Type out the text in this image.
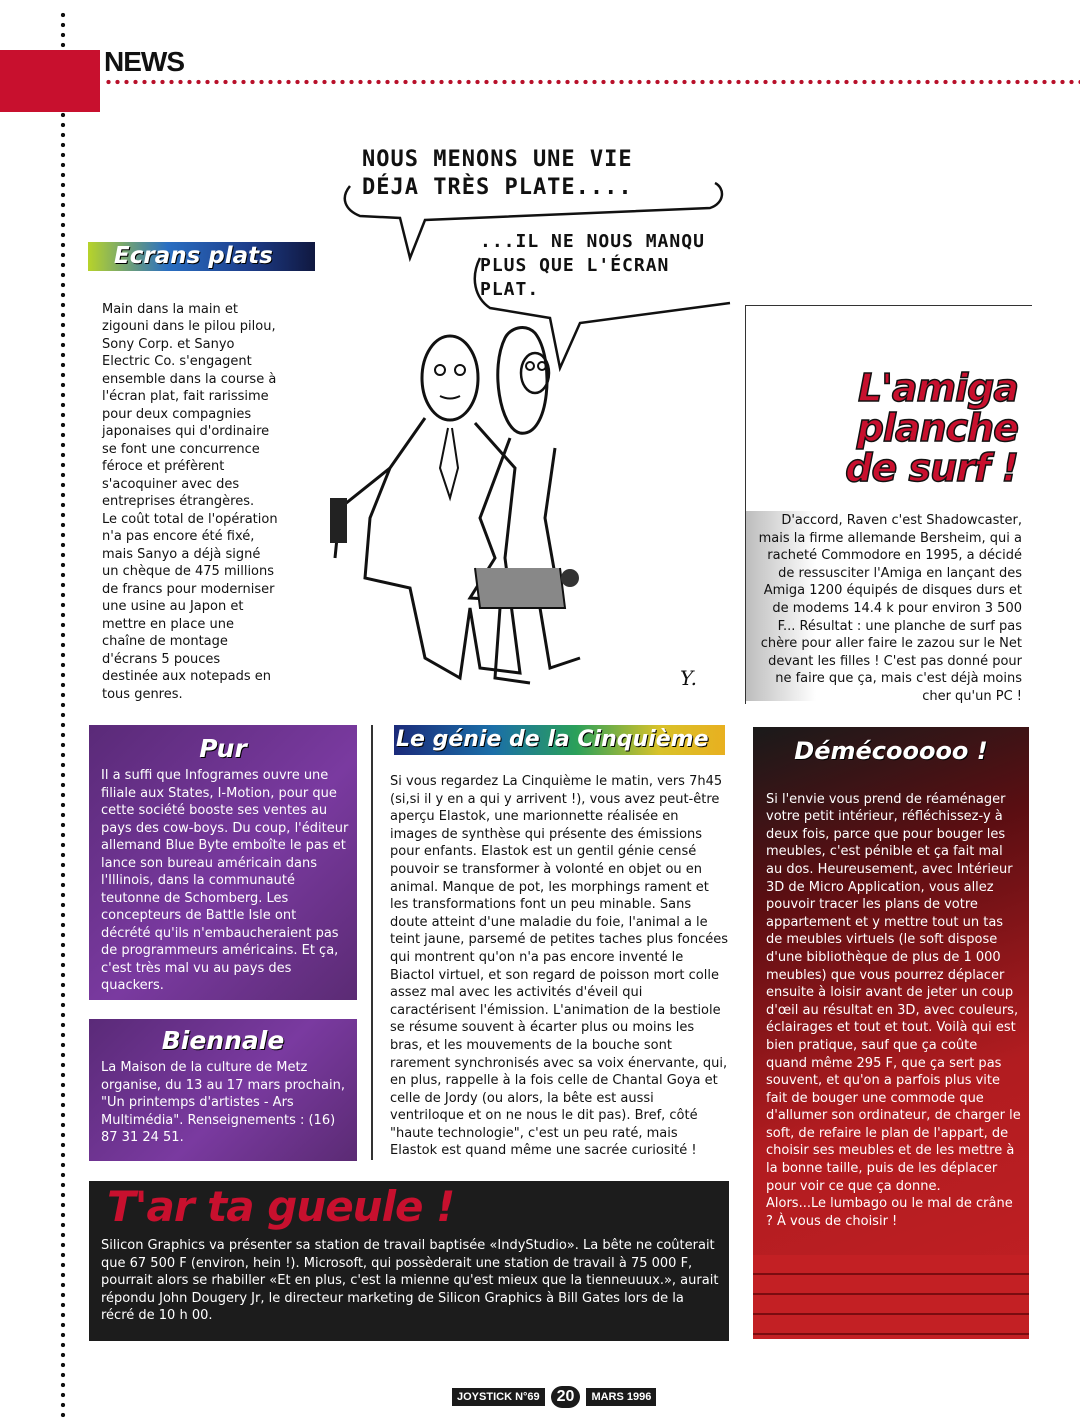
NEWS
NOUS MENONS UNE VIE DÉJA TRÈS PLATE....
...IL NE NOUS MANQU PLUS QUE L'ÉCRAN PLAT.
Y.
Ecrans plats

Main dans la main et zigouni dans le pilou pilou, Sony Corp. et Sanyo Electric Co. s'engagent ensemble dans la course à l'écran plat, fait rarissime pour deux compagnies japonaises qui d'ordinaire se font une concurrence féroce et préfèrent s'acoquiner avec des entreprises étrangères.
Le coût total de l'opération n'a pas encore été fixé, mais Sanyo a déjà signé un chèque de 475 millions de francs pour moderniser une usine au Japon et mettre en place une chaîne de montage d'écrans 5 pouces destinée aux notepads en tous genres.

L'amiga
planche
de surf !

D'accord, Raven c'est Shadowcaster, mais la firme allemande Bersheim, qui a racheté Commodore en 1995, a décidé de ressusciter l'Amiga en lançant des Amiga 1200 équipés de disques durs et de modems 14.4 k pour environ 3 500 F... Résultat : une planche de surf pas chère pour aller faire le zazou sur le Net devant les filles ! C'est pas donné pour ne faire que ça, mais c'est déjà moins cher qu'un PC !

Pur

Il a suffi que Infogrames ouvre une filiale aux States, I-Motion, pour que cette société booste ses ventes au pays des cow-boys. Du coup, l'éditeur allemand Blue Byte emboîte le pas et lance son bureau américain dans l'Illinois, dans la communauté teutonne de Schomberg. Les concepteurs de Battle Isle ont décrété qu'ils n'embaucheraient pas de programmeurs américains. Et ça, c'est très mal vu au pays des quackers.

Biennale

La Maison de la culture de Metz organise, du 13 au 17 mars prochain, "Un printemps d'artistes - Ars Multimédia". Renseignements : (16) 87 31 24 51.

Le génie de la Cinquième

Si vous regardez La Cinquième le matin, vers 7h45 (si,si il y en a qui y arrivent !), vous avez peut-être aperçu Elastok, une marionnette réalisée en images de synthèse qui présente des émissions pour enfants. Elastok est un gentil génie censé pouvoir se transformer à volonté en objet ou en animal. Manque de pot, les morphings rament et les transformations font un peu minable. Sans doute atteint d'une maladie du foie, l'animal a le teint jaune, parsemé de petites taches plus foncées qui montrent qu'on n'a pas encore inventé le Biactol virtuel, et son regard de poisson mort colle assez mal avec les activités d'éveil qui caractérisent l'émission. L'animation de la bestiole se résume souvent à écarter plus ou moins les bras, et les mouvements de la bouche sont rarement synchronisés avec sa voix énervante, qui, en plus, rappelle à la fois celle de Chantal Goya et celle de Jordy (ou alors, la bête est aussi ventriloque et on ne nous le dit pas). Bref, côté "haute technologie", c'est un peu raté, mais Elastok est quand même une sacrée curiosité !

Démécooooo !

Si l'envie vous prend de réaménager votre petit intérieur, réfléchissez-y à deux fois, parce que pour bouger les meubles, c'est pénible et ça fait mal au dos. Heureusement, avec Intérieur 3D de Micro Application, vous allez pouvoir tracer les plans de votre appartement et y mettre tout un tas de meubles virtuels (le soft dispose d'une bibliothèque de plus de 1 000 meubles) que vous pourrez déplacer ensuite à loisir avant de jeter un coup d'œil au résultat en 3D, avec couleurs, éclairages et tout et tout. Voilà qui est bien pratique, sauf que ça coûte quand même 295 F, que ça sert pas souvent, et qu'on a parfois plus vite fait de bouger une commode que d'allumer son ordinateur, de charger le soft, de refaire le plan de l'appart, de choisir ses meubles et de les mettre à la bonne taille, puis de les déplacer pour voir ce que ça donne.
Alors...Le lumbago ou le mal de crâne ? À vous de choisir !

T'ar ta gueule !

Silicon Graphics va présenter sa station de travail baptisée «IndyStudio». La bête ne coûterait que 67 500 F (environ, hein !). Microsoft, qui possèderait une station de travail à 75 000 F, pourrait alors se rhabiller «Et en plus, c'est la mienne qu'est mieux que la tienneuuux.», aurait répondu John Dougery Jr, le directeur marketing de Silicon Graphics à Bill Gates lors de la récré de 10 h 00.

JOYSTICK N°69	20	MARS 1996
